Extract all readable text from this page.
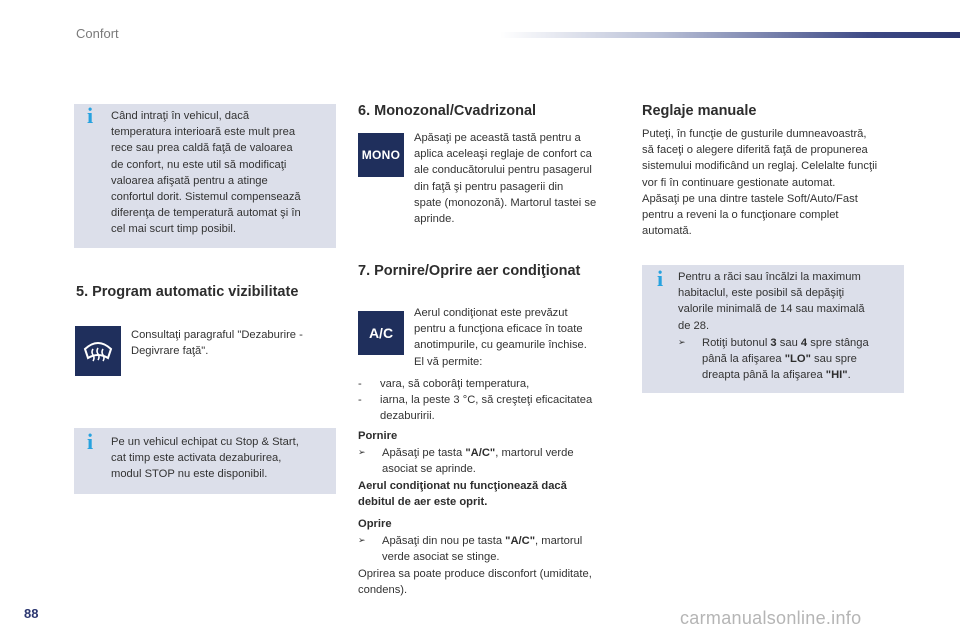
Confort
i Când intraţi în vehicul, dacă

temperatura interioară este mult prea

rece sau prea caldă faţă de valoarea

de confort, nu este util să modificaţi

valoarea afişată pentru a atinge

confortul dorit. Sistemul compensează

diferenţa de temperatură automat şi în

cel mai scurt timp posibil.

5. Program automatic vizibilitate

Consultaţi paragraful "Dezaburire -

Degivrare faţă".

i Pe un vehicul echipat cu Stop & Start,

cat timp este activata dezaburirea,

modul STOP nu este disponibil.

6. Monozonal/Cvadrizonal
MONO

Apăsaţi pe această tastă pentru a

aplica aceleaşi reglaje de confort ca

ale conducătorului pentru pasagerul

din faţă şi pentru pasagerii din

spate (monozonă). Martorul tastei se

aprinde.

7. Pornire/Oprire aer condiţionat
A/C

Aerul condiţionat este prevăzut

pentru a funcţiona eficace în toate

anotimpurile, cu geamurile închise.

El vă permite:

- vara, să coborâţi temperatura,

- iarna, la peste 3 °C, să creşteţi eficacitatea

dezaburirii.

Pornire

➢ Apăsaţi pe tasta "A/C", martorul verde

asociat se aprinde.

Aerul condiţionat nu funcţionează dacă

debitul de aer este oprit.

Oprire

➢ Apăsaţi din nou pe tasta "A/C", martorul

verde asociat se stinge.

Oprirea sa poate produce disconfort (umiditate,

condens).

Reglaje manuale

Puteţi, în funcţie de gusturile dumneavoastră,

să faceţi o alegere diferită faţă de propunerea

sistemului modificând un reglaj. Celelalte funcţii

vor fi în continuare gestionate automat.

Apăsaţi pe una dintre tastele Soft/Auto/Fast

pentru a reveni la o funcţionare complet

automată.

i Pentru a răci sau încălzi la maximum

habitaclul, este posibil să depăşiţi

valorile minimală de 14 sau maximală

de 28.

➢ Rotiţi butonul 3 sau 4 spre stânga

până la afişarea "LO" sau spre

dreapta până la afişarea "HI".

88	carmanualsonline.info
